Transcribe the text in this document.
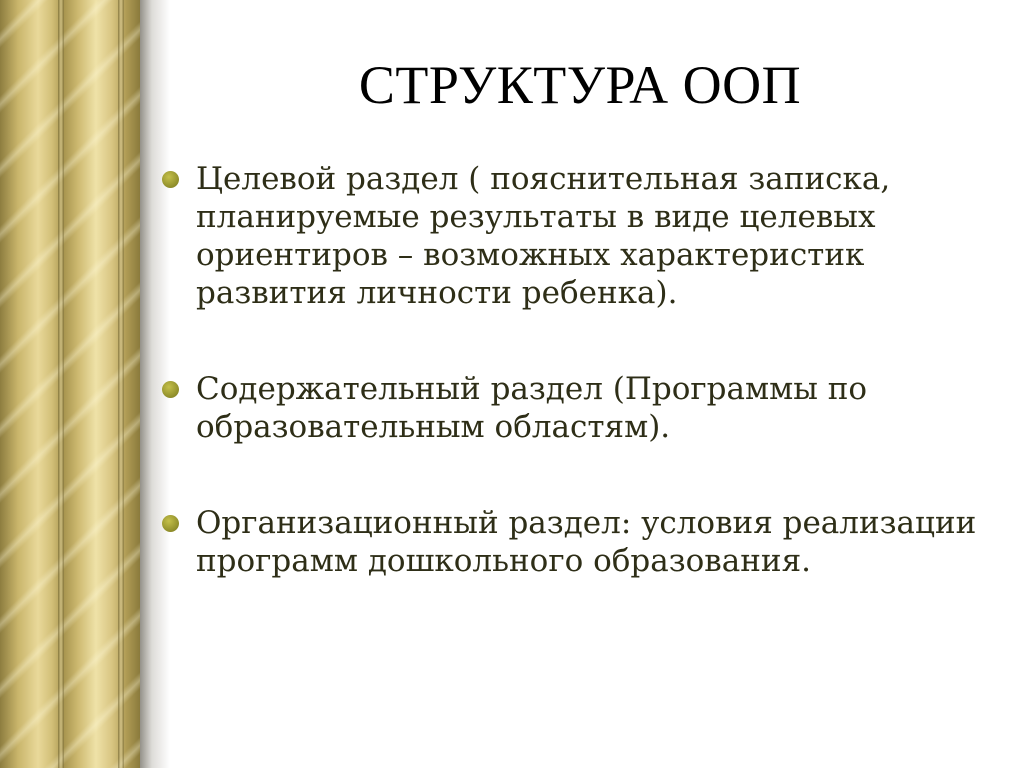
СТРУКТУРА ООП
Целевой раздел ( пояснительная записка, планируемые результаты в виде целевых ориентиров – возможных характеристик развития личности ребенка).
Содержательный раздел (Программы по образовательным областям).
Организационный раздел: условия реализации программ дошкольного образования.
